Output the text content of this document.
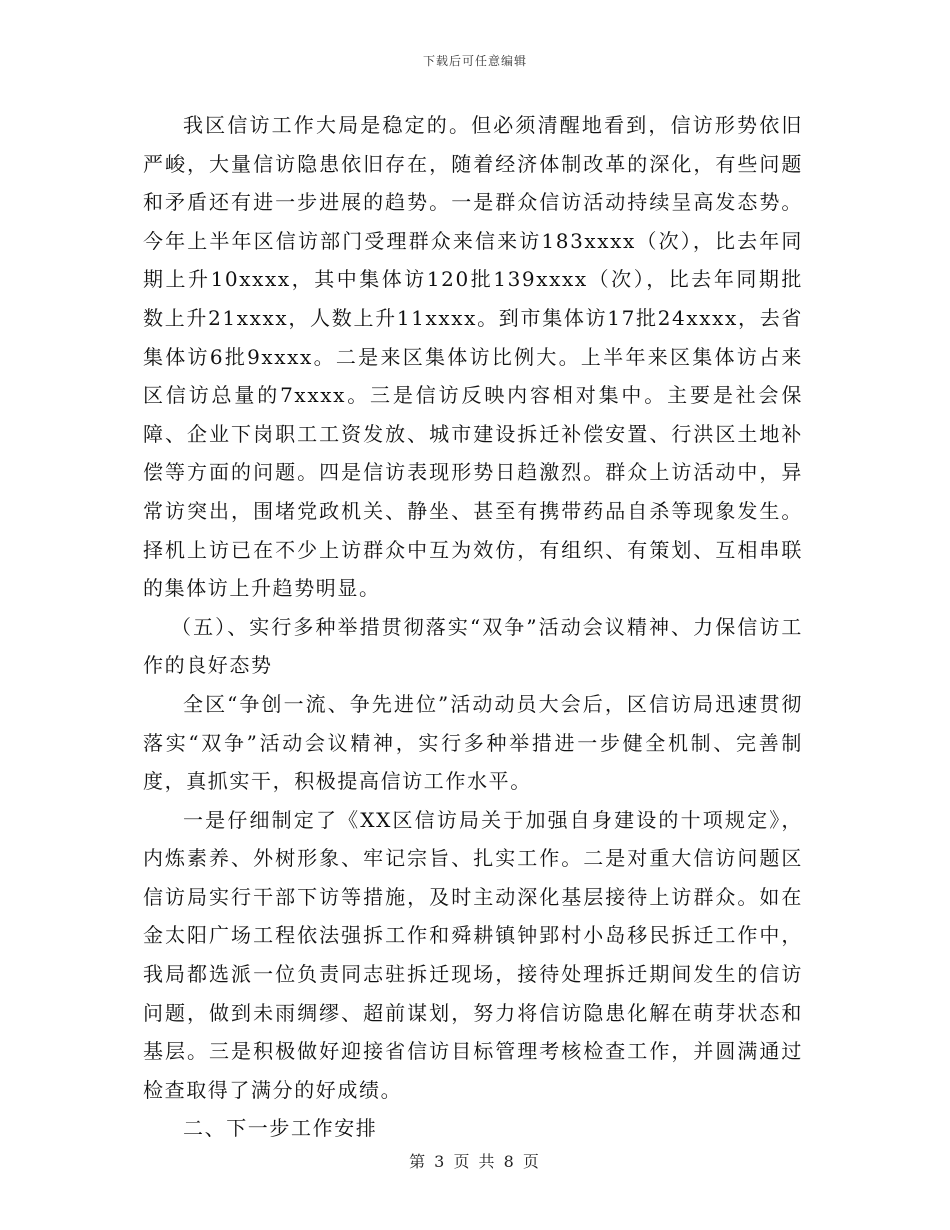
下载后可任意编辑

我区信访工作大局是稳定的。但必须清醒地看到，信访形势依旧严峻，大量信访隐患依旧存在，随着经济体制改革的深化，有些问题和矛盾还有进一步进展的趋势。一是群众信访活动持续呈高发态势。今年上半年区信访部门受理群众来信来访183xxxx（次），比去年同期上升10xxxx，其中集体访120批139xxxx（次），比去年同期批数上升21xxxx，人数上升11xxxx。到市集体访17批24xxxx，去省集体访6批9xxxx。二是来区集体访比例大。上半年来区集体访占来区信访总量的7xxxx。三是信访反映内容相对集中。主要是社会保障、企业下岗职工工资发放、城市建设拆迁补偿安置、行洪区土地补偿等方面的问题。四是信访表现形势日趋激烈。群众上访活动中，异常访突出，围堵党政机关、静坐、甚至有携带药品自杀等现象发生。择机上访已在不少上访群众中互为效仿，有组织、有策划、互相串联的集体访上升趋势明显。

（五）、实行多种举措贯彻落实“双争”活动会议精神、力保信访工作的良好态势

全区“争创一流、争先进位”活动动员大会后，区信访局迅速贯彻落实“双争”活动会议精神，实行多种举措进一步健全机制、完善制度，真抓实干，积极提高信访工作水平。

一是仔细制定了《XX区信访局关于加强自身建设的十项规定》，内炼素养、外树形象、牢记宗旨、扎实工作。二是对重大信访问题区信访局实行干部下访等措施，及时主动深化基层接待上访群众。如在金太阳广场工程依法强拆工作和舜耕镇钟郢村小岛移民拆迁工作中，我局都选派一位负责同志驻拆迁现场，接待处理拆迁期间发生的信访问题，做到未雨绸缪、超前谋划，努力将信访隐患化解在萌芽状态和基层。三是积极做好迎接省信访目标管理考核检查工作，并圆满通过检查取得了满分的好成绩。

二、下一步工作安排

第 3 页 共 8 页
